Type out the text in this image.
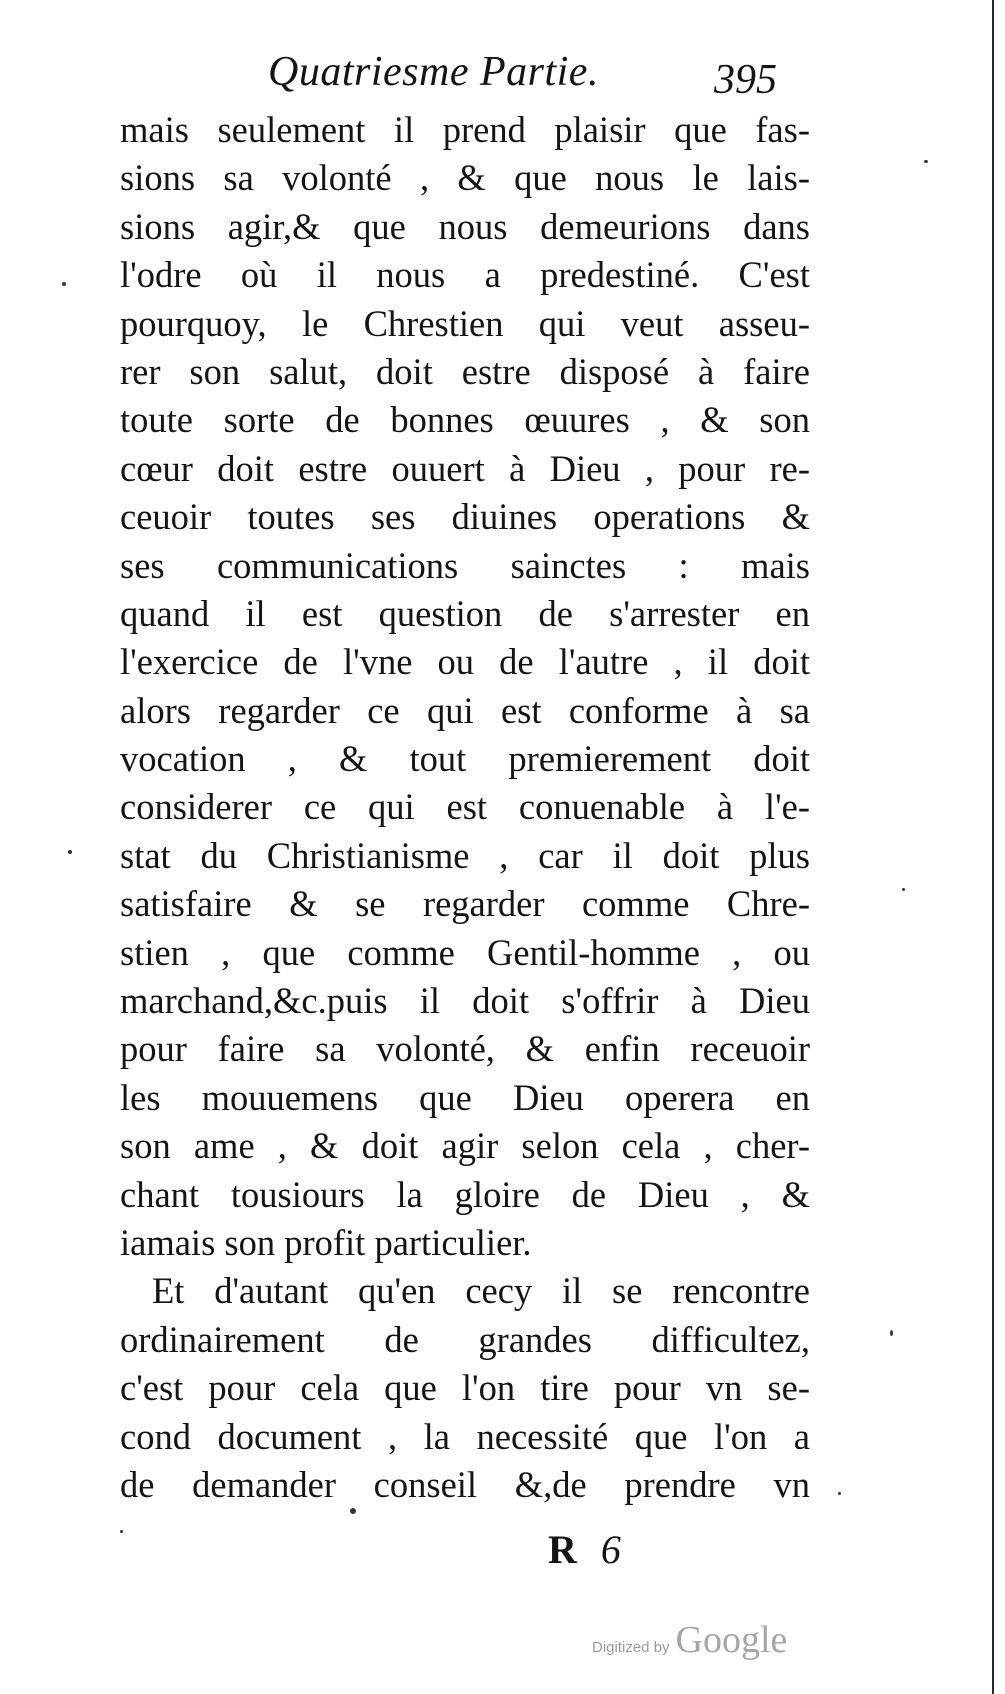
Quatriesme Partie.	395
mais seulement il prend plaisir que fas-
sions sa volonté , & que nous le lais-
sions agir,& que nous demeurions dans
l'odre où il nous a predestiné. C'est
pourquoy, le Chrestien qui veut asseu-
rer son salut, doit estre disposé à faire
toute sorte de bonnes œuures , & son
cœur doit estre ouuert à Dieu , pour re-
ceuoir toutes ses diuines operations &
ses communications sainctes : mais
quand il est question de s'arrester en
l'exercice de l'vne ou de l'autre , il doit
alors regarder ce qui est conforme à sa
vocation , & tout premierement doit
considerer ce qui est conuenable à l'e-
stat du Christianisme , car il doit plus
satisfaire & se regarder comme Chre-
stien , que comme Gentil-homme , ou
marchand,&c.puis il doit s'offrir à Dieu
pour faire sa volonté, & enfin receuoir
les mouuemens que Dieu operera en
son ame , & doit agir selon cela , cher-
chant tousiours la gloire de Dieu , &
iamais son profit particulier.
Et d'autant qu'en cecy il se rencontre
ordinairement de grandes difficultez,
c'est pour cela que l'on tire pour vn se-
cond document , la necessité que l'on a
de demander conseil &,de prendre vn
R 6
Digitized by Google
